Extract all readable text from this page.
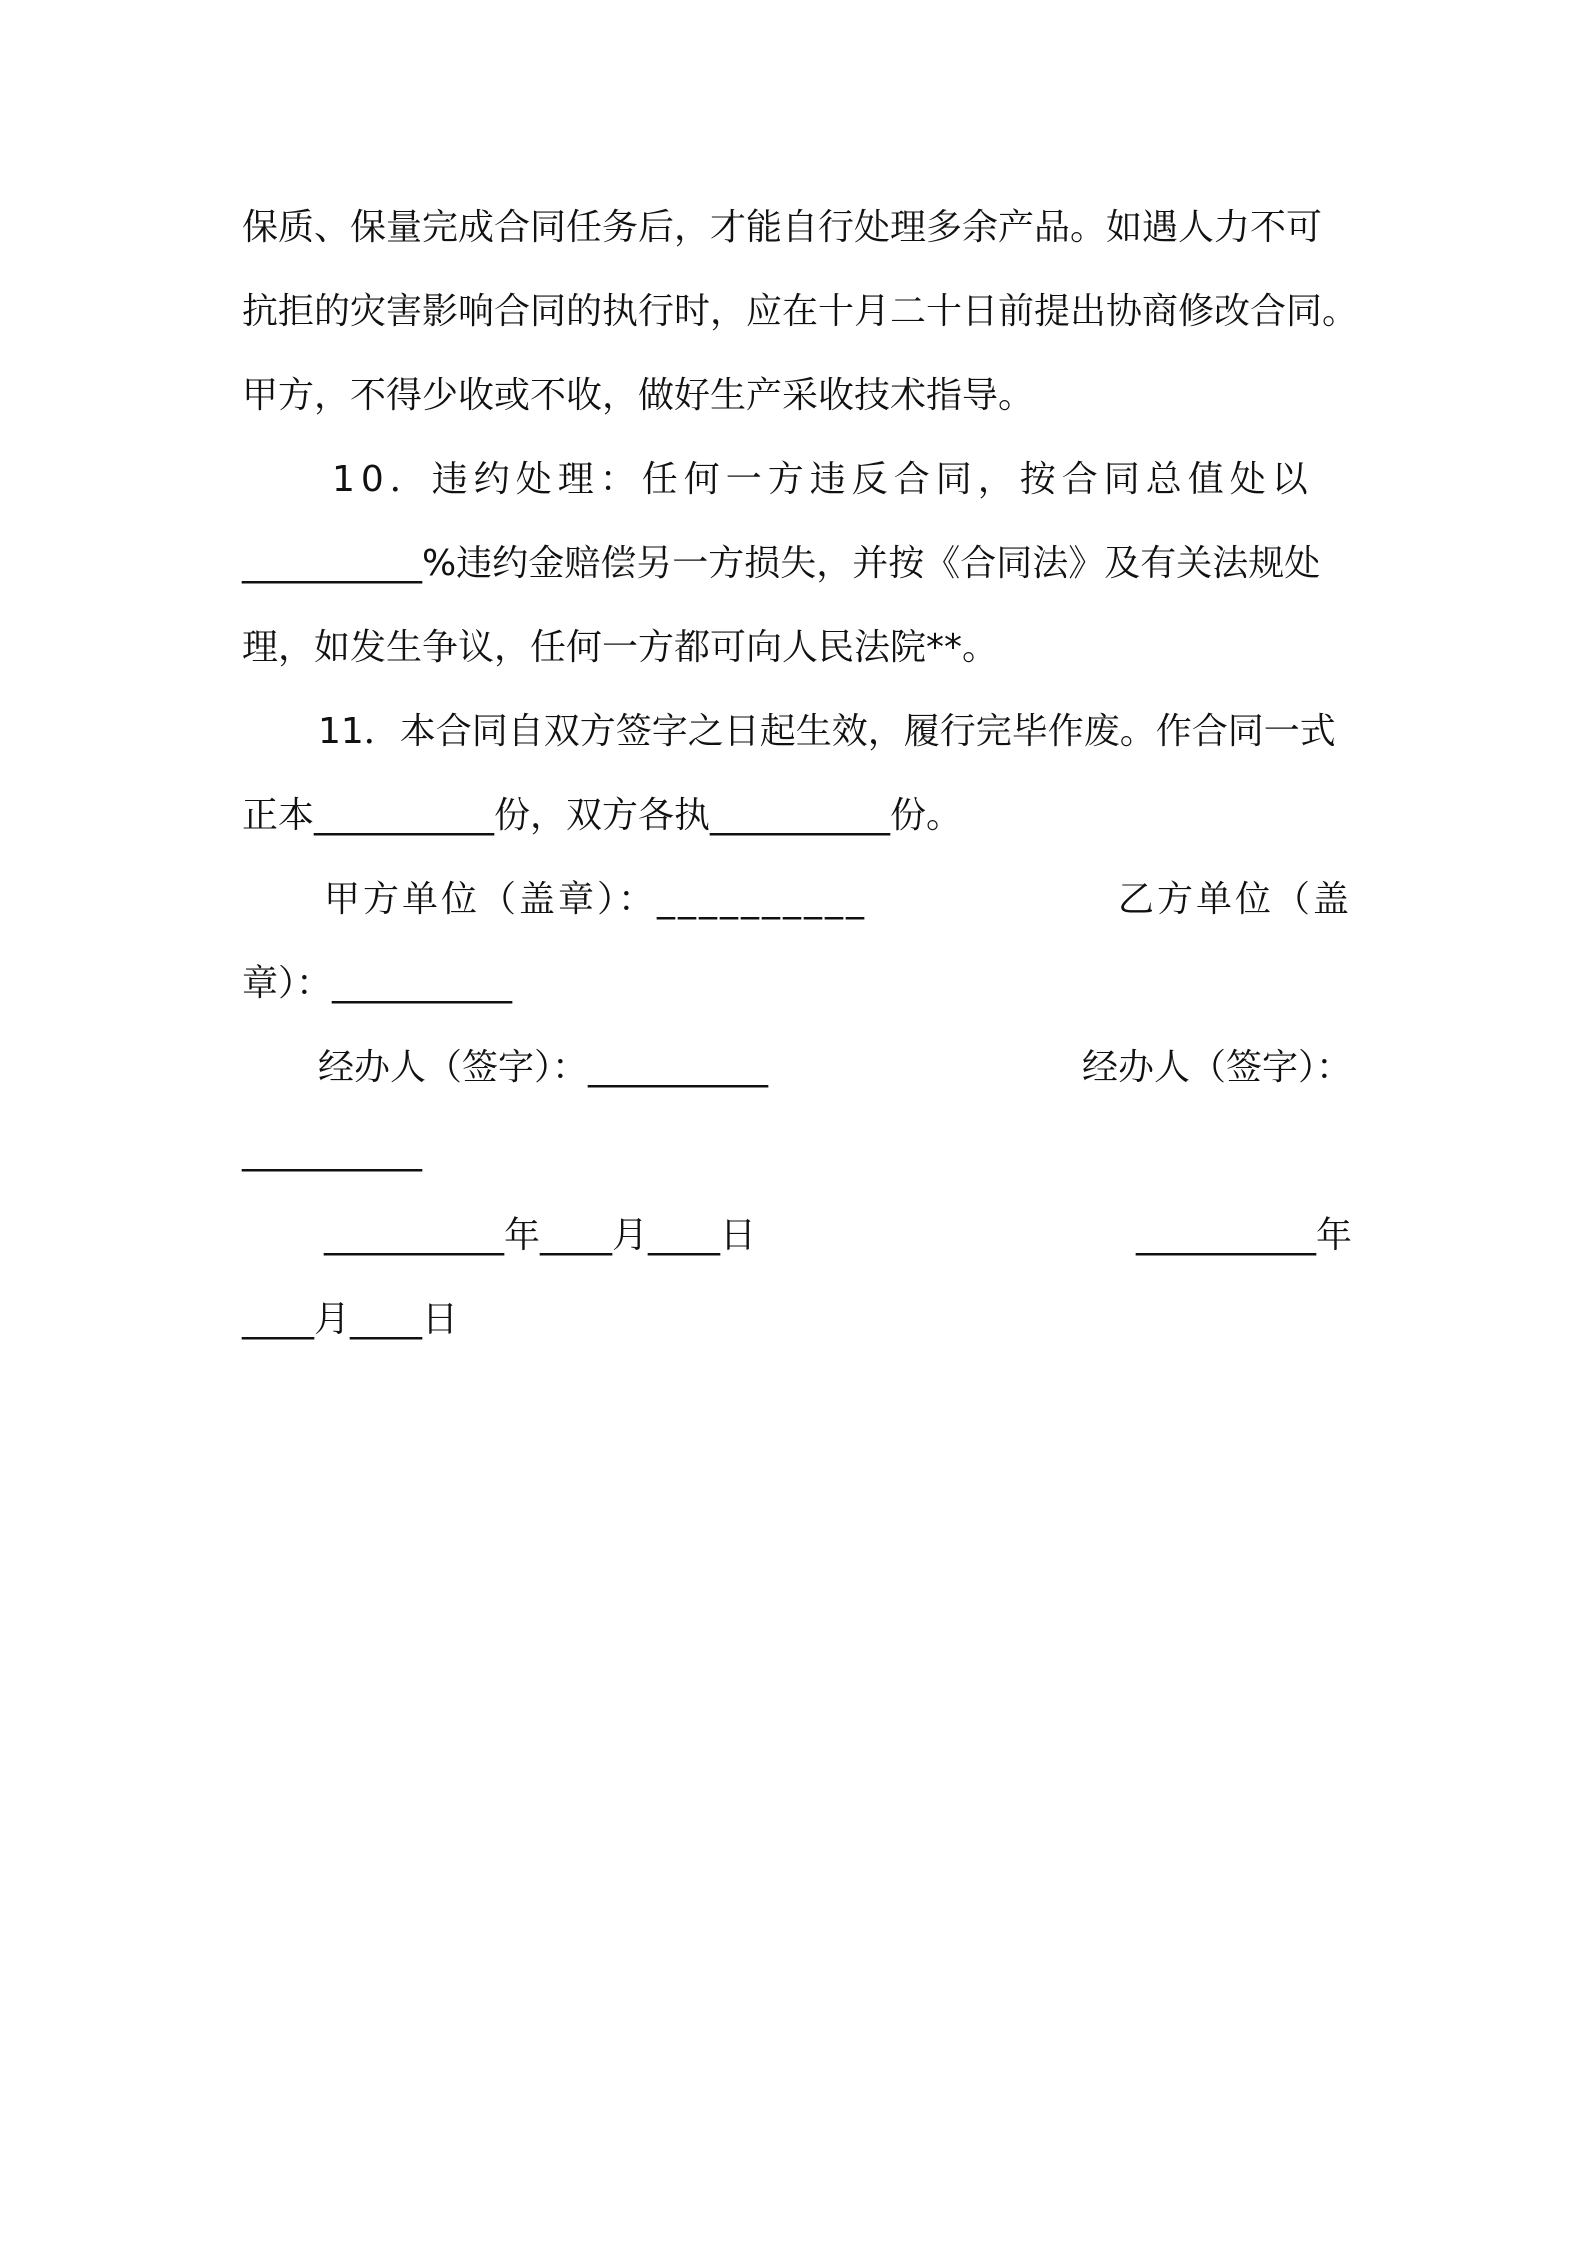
保质、保量完成合同任务后，才能自行处理多余产品。如遇人力不可
抗拒的灾害影响合同的执行时，应在十月二十日前提出协商修改合同。
甲方，不得少收或不收，做好生产采收技术指导。
10．违约处理：任何一方违反合同，按合同总值处以
__________%违约金赔偿另一方损失，并按《合同法》及有关法规处
理，如发生争议，任何一方都可向人民法院**。
11．本合同自双方签字之日起生效，履行完毕作废。作合同一式
正本__________份，双方各执__________份。
甲方单位（盖章）：__________	乙方单位（盖
章）：__________
经办人（签字）：__________	经办人（签字）：
__________
__________年____月____日	__________年
____月____日
